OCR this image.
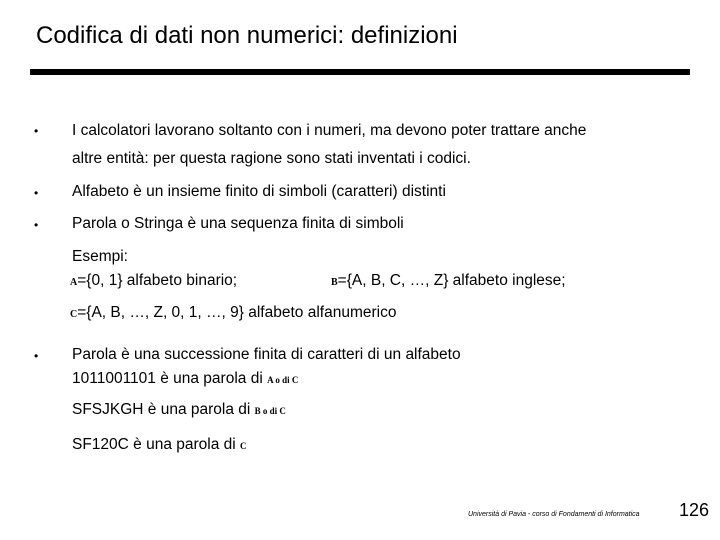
Codifica di dati non numerici: definizioni
• I calcolatori lavorano soltanto con i numeri, ma devono poter trattare anche
altre entità: per questa ragione sono stati inventati i codici.
• Alfabeto è un insieme finito di simboli (caratteri) distinti
• Parola o Stringa è una sequenza finita di simboli
Esempi:
A={0, 1} alfabeto binario;	B={A, B, C, …, Z} alfabeto inglese;
C={A, B, …, Z, 0, 1, …, 9} alfabeto alfanumerico
• Parola è una successione finita di caratteri di un alfabeto
1011001101 è una parola di A o di C
SFSJKGH è una parola di B o di C
SF120C è una parola di C
Università di Pavia - corso di Fondamenti di Informatica 126
